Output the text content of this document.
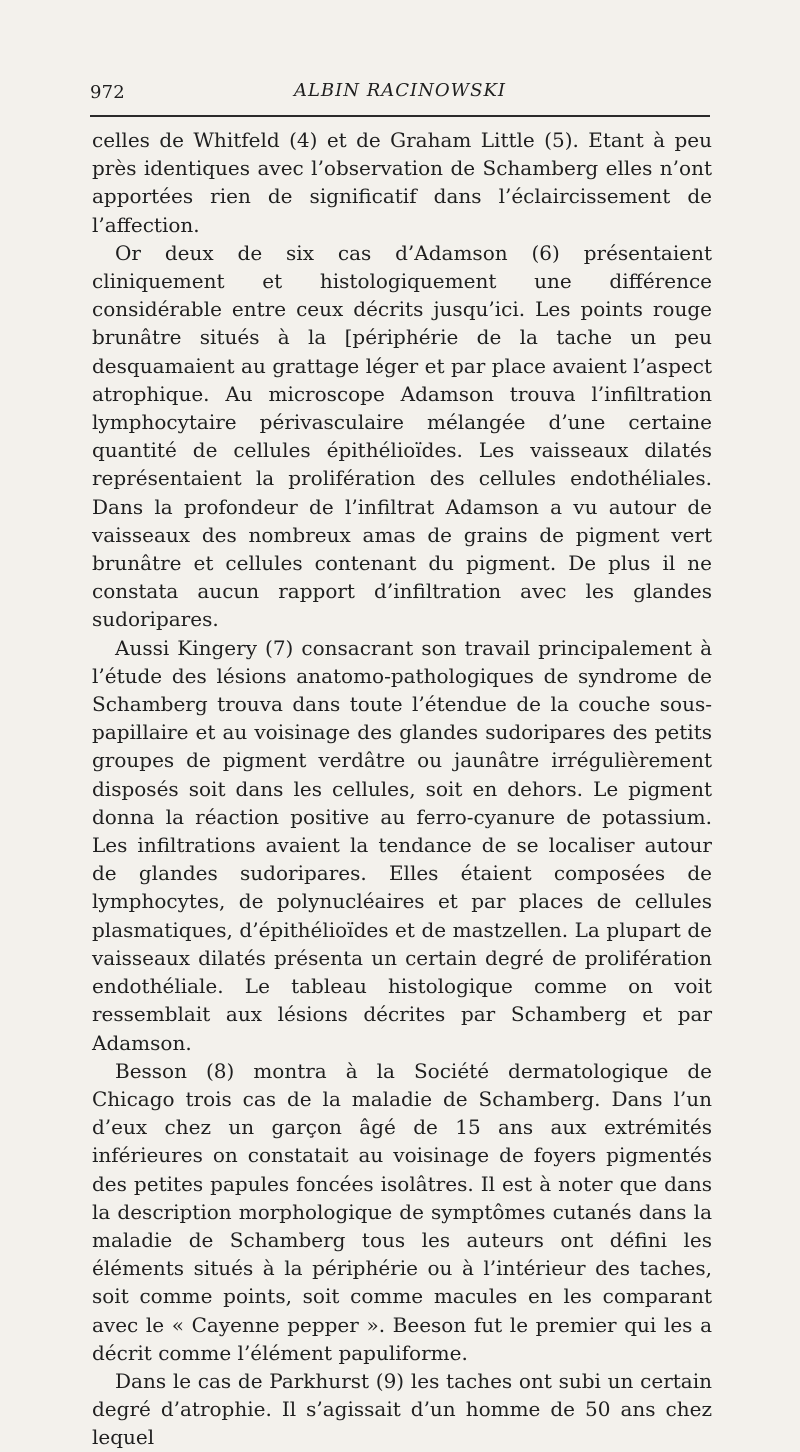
972	ALBIN RACINOWSKI

celles de Whitfeld (4) et de Graham Little (5). Etant à peu près identiques avec l’observation de Schamberg elles n’ont apportées rien de significatif dans l’éclaircissement de l’affection.

Or deux de six cas d’Adamson (6) présentaient cliniquement et histologiquement une différence considérable entre ceux décrits jusqu’ici. Les points rouge brunâtre situés à la [périphérie de la tache un peu desquamaient au grattage léger et par place avaient l’aspect atrophique. Au microscope Adamson trouva l’infiltration lymphocytaire périvasculaire mélangée d’une certaine quantité de cellules épithélioïdes. Les vaisseaux dilatés représentaient la prolifération des cellules endothéliales. Dans la profondeur de l’infiltrat Adamson a vu autour de vaisseaux des nombreux amas de grains de pigment vert brunâtre et cellules contenant du pigment. De plus il ne constata aucun rapport d’infiltration avec les glandes sudoripares.

Aussi Kingery (7) consacrant son travail principalement à l’étude des lésions anatomo-pathologiques de syndrome de Schamberg trouva dans toute l’étendue de la couche sous-papillaire et au voisinage des glandes sudoripares des petits groupes de pigment verdâtre ou jaunâtre irrégulièrement disposés soit dans les cellules, soit en dehors. Le pigment donna la réaction positive au ferro-cyanure de potassium. Les infiltrations avaient la tendance de se localiser autour de glandes sudoripares. Elles étaient composées de lymphocytes, de polynucléaires et par places de cellules plasmatiques, d’épithélioïdes et de mastzellen. La plupart de vaisseaux dilatés présenta un certain degré de prolifération endothéliale. Le tableau histologique comme on voit ressemblait aux lésions décrites par Schamberg et par Adamson.

Besson (8) montra à la Société dermatologique de Chicago trois cas de la maladie de Schamberg. Dans l’un d’eux chez un garçon âgé de 15 ans aux extrémités inférieures on constatait au voisinage de foyers pigmentés des petites papules foncées isolâtres. Il est à noter que dans la description morphologique de symptômes cutanés dans la maladie de Schamberg tous les auteurs ont défini les éléments situés à la périphérie ou à l’intérieur des taches, soit comme points, soit comme macules en les comparant avec le « Cayenne pepper ». Beeson fut le premier qui les a décrit comme l’élément papuliforme.

Dans le cas de Parkhurst (9) les taches ont subi un certain degré d’atrophie. Il s’agissait d’un homme de 50 ans chez lequel
